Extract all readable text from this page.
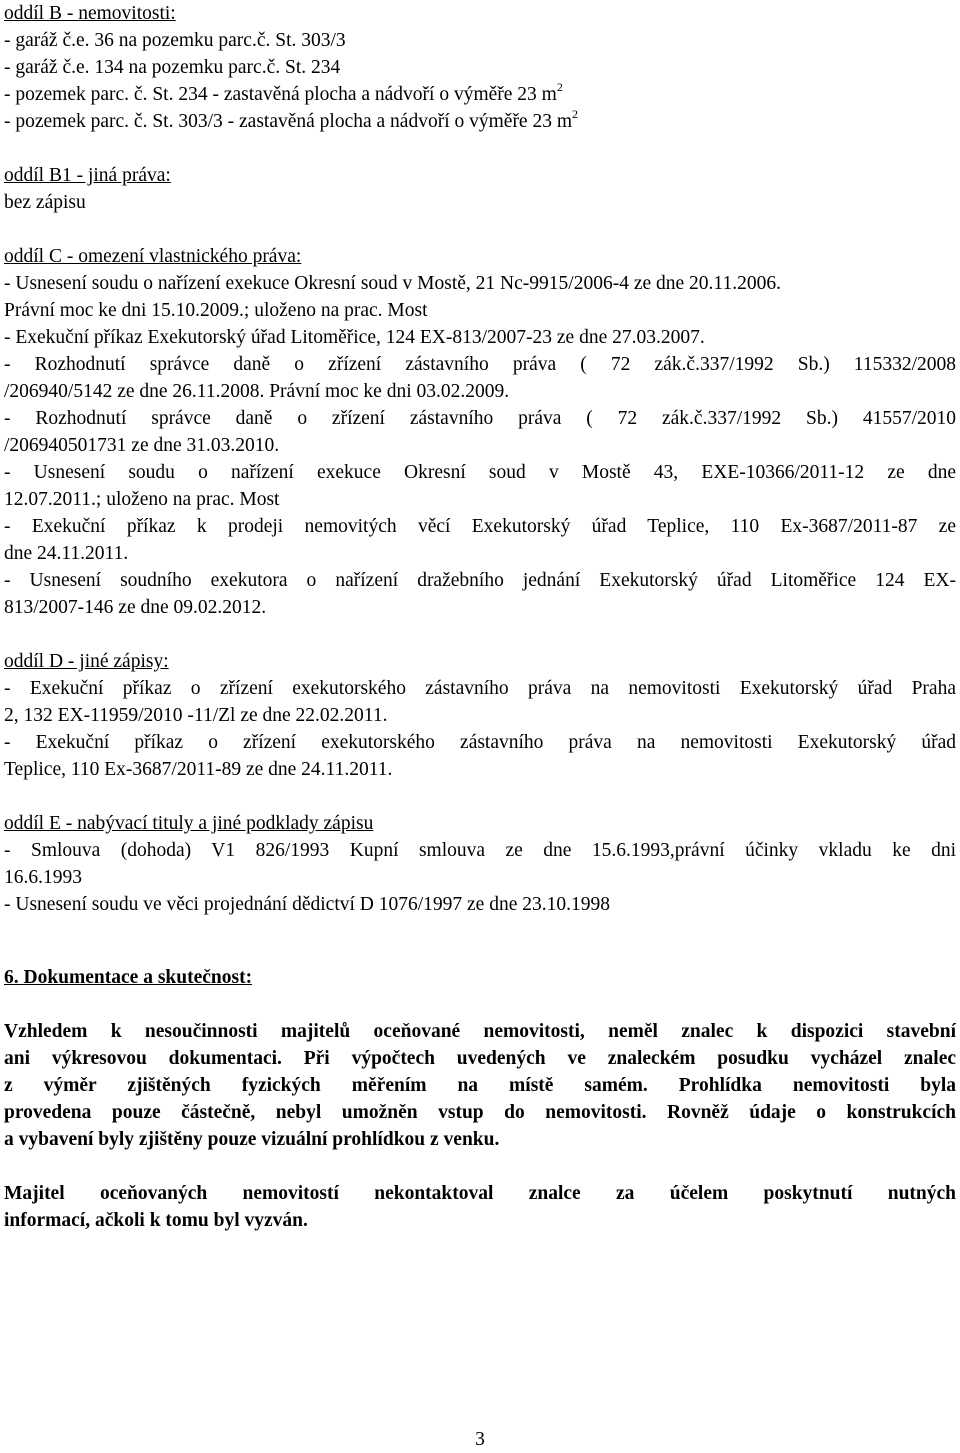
oddíl B - nemovitosti:

- garáž č.e. 36 na pozemku parc.č. St. 303/3

- garáž č.e. 134 na pozemku parc.č. St. 234

- pozemek parc. č. St. 234 - zastavěná plocha a nádvoří o výměře 23 $m^2$

- pozemek parc. č. St. 303/3 - zastavěná plocha a nádvoří o výměře 23 $m^2$

oddíl B1 - jiná práva:

bez zápisu

oddíl C - omezení vlastnického práva:

- Usnesení soudu o nařízení exekuce Okresní soud v Mostě, 21 Nc-9915/2006-4 ze dne 20.11.2006.

Právní moc ke dni 15.10.2009.; uloženo na prac. Most

- Exekuční příkaz Exekutorský úřad Litoměřice, 124 EX-813/2007-23 ze dne 27.03.2007.

- Rozhodnutí správce daně o zřízení zástavního práva ( 72 zák.č.337/1992 Sb.) 115332/2008

/206940/5142 ze dne 26.11.2008. Právní moc ke dni 03.02.2009.

- Rozhodnutí správce daně o zřízení zástavního práva ( 72 zák.č.337/1992 Sb.) 41557/2010

/206940501731 ze dne 31.03.2010.

- Usnesení soudu o nařízení exekuce Okresní soud v Mostě 43, EXE-10366/2011-12 ze dne

12.07.2011.; uloženo na prac. Most

- Exekuční příkaz k prodeji nemovitých věcí Exekutorský úřad Teplice, 110 Ex-3687/2011-87 ze

dne 24.11.2011.

- Usnesení soudního exekutora o nařízení dražebního jednání Exekutorský úřad Litoměřice 124 EX-

813/2007-146 ze dne 09.02.2012.

oddíl D - jiné zápisy:

- Exekuční příkaz o zřízení exekutorského zástavního práva na nemovitosti Exekutorský úřad Praha

2, 132 EX-11959/2010 -11/Zl ze dne 22.02.2011.

- Exekuční příkaz o zřízení exekutorského zástavního práva na nemovitosti Exekutorský úřad

Teplice, 110 Ex-3687/2011-89 ze dne 24.11.2011.

oddíl E - nabývací tituly a jiné podklady zápisu

- Smlouva (dohoda) V1 826/1993 Kupní smlouva ze dne 15.6.1993,právní účinky vkladu ke dni

16.6.1993

- Usnesení soudu ve věci projednání dědictví D 1076/1997 ze dne 23.10.1998

6. Dokumentace a skutečnost:

Vzhledem k nesoučinnosti majitelů oceňované nemovitosti, neměl znalec k dispozici stavební

ani výkresovou dokumentaci. Při výpočtech uvedených ve znaleckém posudku vycházel znalec

z výměr zjištěných fyzických měřením na místě samém. Prohlídka nemovitosti byla

provedena pouze částečně, nebyl umožněn vstup do nemovitosti. Rovněž údaje o konstrukcích

a vybavení byly zjištěny pouze vizuální prohlídkou z venku.

Majitel oceňovaných nemovitostí nekontaktoval znalce za účelem poskytnutí nutných

informací, ačkoli k tomu byl vyzván.

3
